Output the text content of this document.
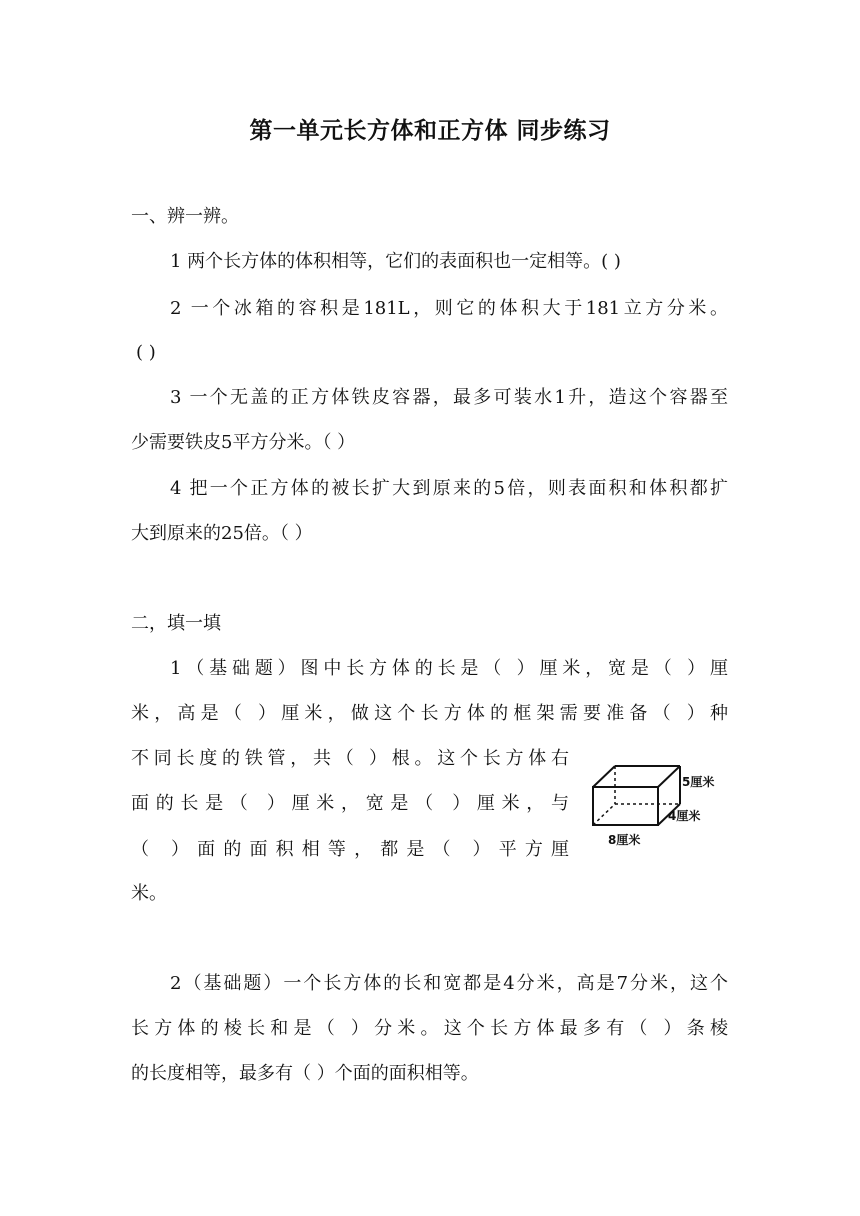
第一单元长方体和正方体 同步练习
一、辨一辨。
1 两个长方体的体积相等，它们的表面积也一定相等。( )
2 一个冰箱的容积是181L，则它的体积大于181立方分米。
( )
3 一个无盖的正方体铁皮容器，最多可装水1升，造这个容器至
少需要铁皮5平方分米。（ ）
4 把一个正方体的被长扩大到原来的5倍，则表面积和体积都扩
大到原来的25倍。（ ）
二，填一填
1（基础题）图中长方体的长是（ ）厘米，宽是（ ）厘
米，高是（ ）厘米，做这个长方体的框架需要准备（ ）种
不同长度的铁管，共（ ）根。这个长方体右
面的长是（ ）厘米，宽是（ ）厘米，与
（ ）面的面积相等，都是（ ）平方厘
米。
5厘米
4厘米
8厘米
2（基础题）一个长方体的长和宽都是4分米，高是7分米，这个
长方体的棱长和是（ ）分米。这个长方体最多有（ ）条棱
的长度相等，最多有（ ）个面的面积相等。
